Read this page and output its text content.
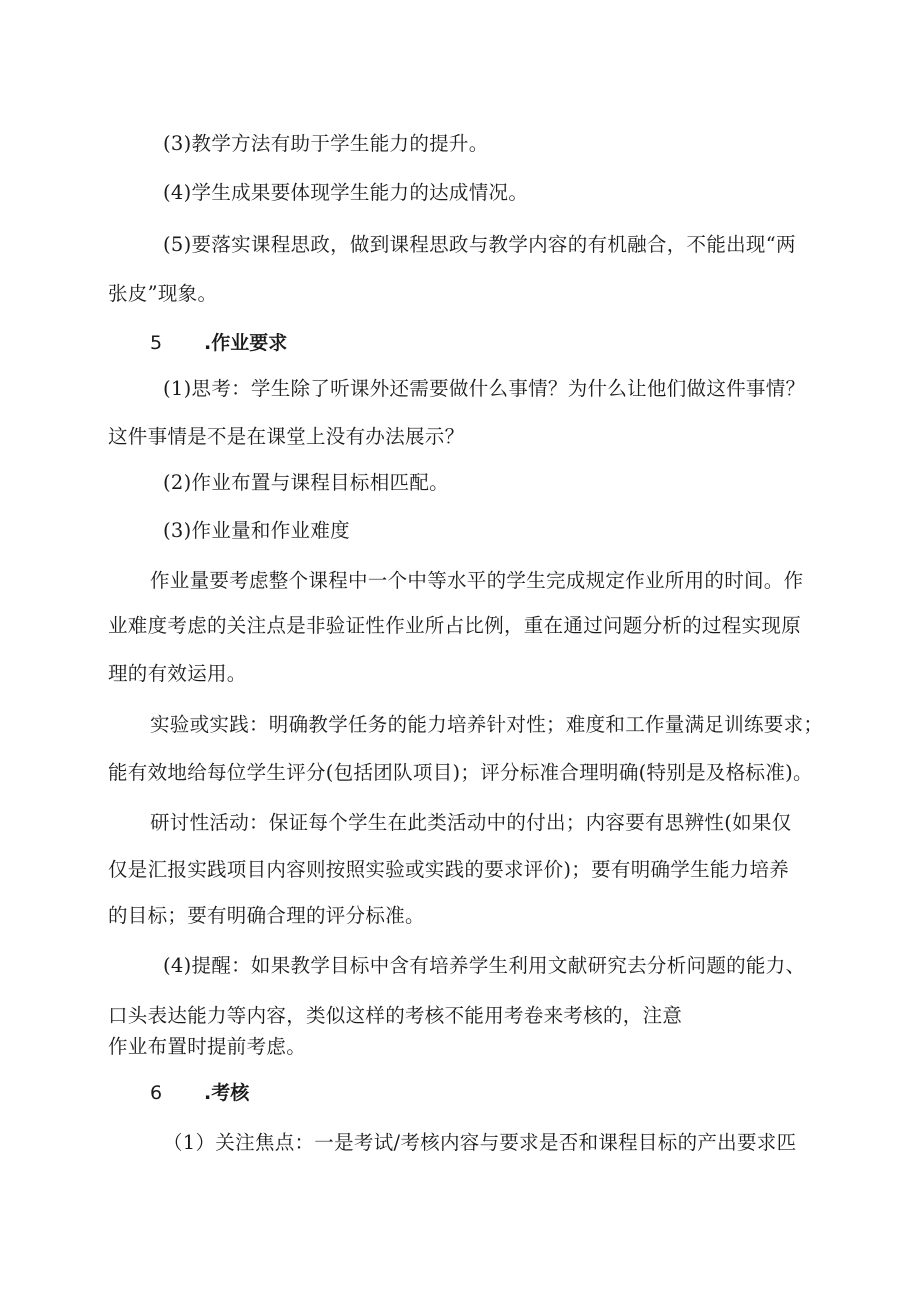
(3)教学方法有助于学生能力的提升。
(4)学生成果要体现学生能力的达成情况。
(5)要落实课程思政，做到课程思政与教学内容的有机融合，不能出现“两
张皮”现象。
5 .作业要求
(1)思考：学生除了听课外还需要做什么事情？为什么让他们做这件事情？
这件事情是不是在课堂上没有办法展示？
(2)作业布置与课程目标相匹配。
(3)作业量和作业难度
作业量要考虑整个课程中一个中等水平的学生完成规定作业所用的时间。作
业难度考虑的关注点是非验证性作业所占比例，重在通过问题分析的过程实现原
理的有效运用。
实验或实践：明确教学任务的能力培养针对性；难度和工作量满足训练要求；
能有效地给每位学生评分(包括团队项目)；评分标准合理明确(特别是及格标准)。
研讨性活动：保证每个学生在此类活动中的付出；内容要有思辨性(如果仅
仅是汇报实践项目内容则按照实验或实践的要求评价)；要有明确学生能力培养
的目标；要有明确合理的评分标准。
(4)提醒：如果教学目标中含有培养学生利用文献研究去分析问题的能力、
口头表达能力等内容，类似这样的考核不能用考卷来考核的，注意
作业布置时提前考虑。
6 .考核
（1）关注焦点：一是考试/考核内容与要求是否和课程目标的产出要求匹
